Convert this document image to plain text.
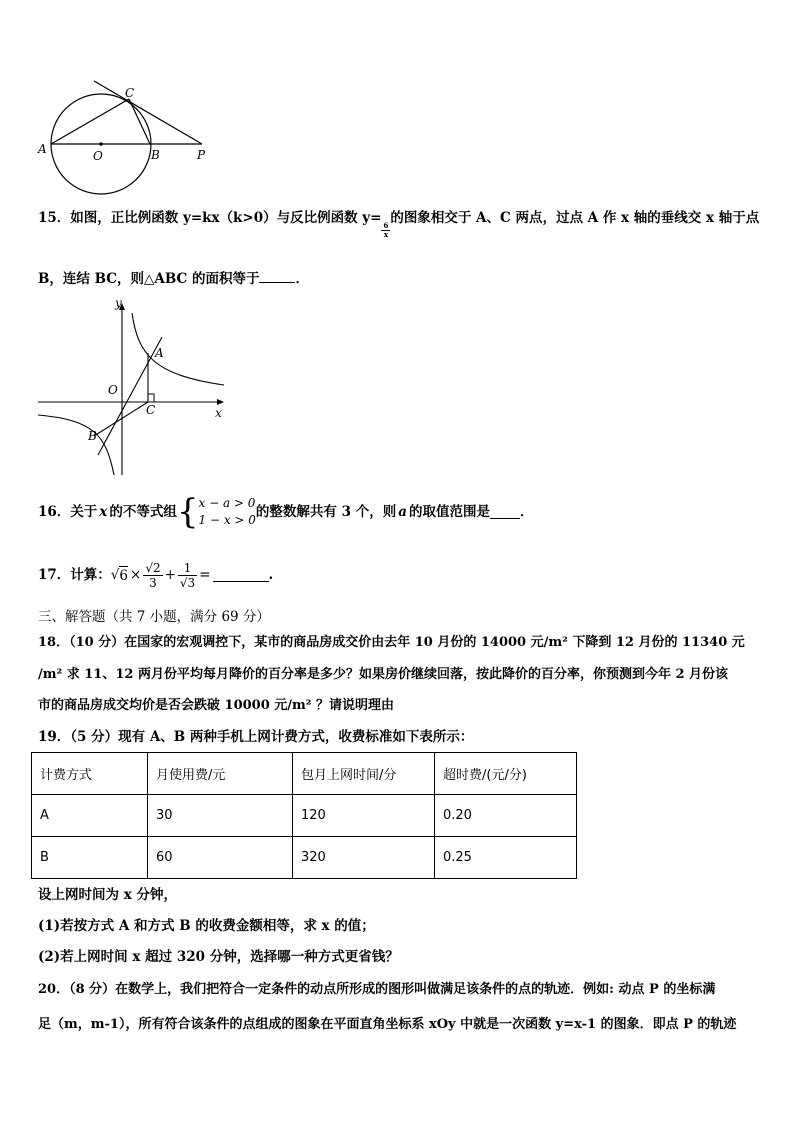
A	O	B	P
C
15．如图，正比例函数 y=kx（k>0）与反比例函数 y=
$\frac{6}{x}$
的图象相交于 A、C 两点，过点 A 作 x 轴的垂线交 x 轴于点
B，连结 BC，则△ABC 的面积等于	．
y
x
O
A
B
C
16．关于 x 的不等式组 { x − a > 0
1 − x > 0 的整数解共有 3 个，则 a 的取值范围是 ．
17．计算： √ $6 \times \frac{√2}{3} + \frac{1}{√3}$ =	.
三、解答题（共 7 小题，满分 69 分）
18．（10 分）在国家的宏观调控下，某市的商品房成交价由去年 10 月份的 14000 元/m² 下降到 12 月份的 11340 元
/m² 求 11、12 两月份平均每月降价的百分率是多少？如果房价继续回落，按此降价的百分率，你预测到今年 2 月份该
市的商品房成交均价是否会跌破 10000 元/m² ？请说明理由
19．（5 分）现有 A、B 两种手机上网计费方式，收费标准如下表所示：
计费方式	月使用费/元	包月上网时间/分	超时费/(元/分)
A	30	120	0.20
B	60	320	0.25
设上网时间为 x 分钟，
(1)若按方式 A 和方式 B 的收费金额相等，求 x 的值；
(2)若上网时间 x 超过 320 分钟，选择哪一种方式更省钱？
20．（8 分）在数学上，我们把符合一定条件的动点所形成的图形叫做满足该条件的点的轨迹．例如: 动点 P 的坐标满
足（m，m-1），所有符合该条件的点组成的图象在平面直角坐标系 xOy 中就是一次函数 y=x-1 的图象．即点 P 的轨迹
